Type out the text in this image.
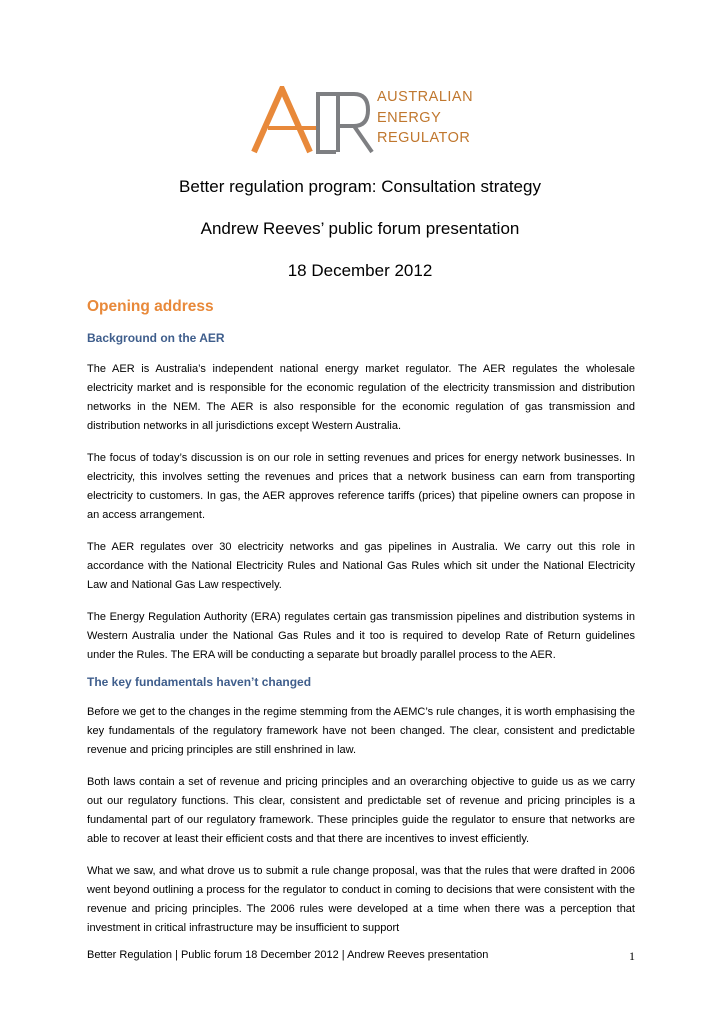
AUSTRALIAN
ENERGY
REGULATOR
Better regulation program: Consultation strategy
Andrew Reeves’ public forum presentation
18 December 2012
Opening address
Background on the AER

The AER is Australia’s independent national energy market regulator. The AER regulates the wholesale electricity market and is responsible for the economic regulation of the electricity transmission and distribution networks in the NEM. The AER is also responsible for the economic regulation of gas transmission and distribution networks in all jurisdictions except Western Australia.

The focus of today’s discussion is on our role in setting revenues and prices for energy network businesses. In electricity, this involves setting the revenues and prices that a network business can earn from transporting electricity to customers. In gas, the AER approves reference tariffs (prices) that pipeline owners can propose in an access arrangement.

The AER regulates over 30 electricity networks and gas pipelines in Australia. We carry out this role in accordance with the National Electricity Rules and National Gas Rules which sit under the National Electricity Law and National Gas Law respectively.

The Energy Regulation Authority (ERA) regulates certain gas transmission pipelines and distribution systems in Western Australia under the National Gas Rules and it too is required to develop Rate of Return guidelines under the Rules. The ERA will be conducting a separate but broadly parallel process to the AER.

The key fundamentals haven’t changed

Before we get to the changes in the regime stemming from the AEMC’s rule changes, it is worth emphasising the key fundamentals of the regulatory framework have not been changed. The clear, consistent and predictable revenue and pricing principles are still enshrined in law.

Both laws contain a set of revenue and pricing principles and an overarching objective to guide us as we carry out our regulatory functions. This clear, consistent and predictable set of revenue and pricing principles is a fundamental part of our regulatory framework. These principles guide the regulator to ensure that networks are able to recover at least their efficient costs and that there are incentives to invest efficiently.

What we saw, and what drove us to submit a rule change proposal, was that the rules that were drafted in 2006 went beyond outlining a process for the regulator to conduct in coming to decisions that were consistent with the revenue and pricing principles. The 2006 rules were developed at a time when there was a perception that investment in critical infrastructure may be insufficient to support

Better Regulation | Public forum 18 December 2012 | Andrew Reeves presentation	1
